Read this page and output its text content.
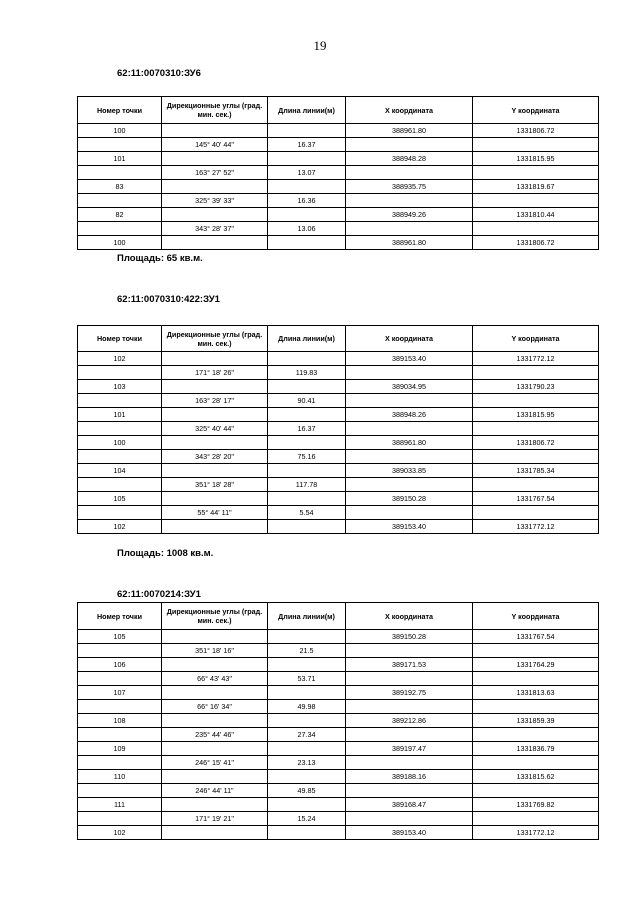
19
62:11:0070310:ЗУ6
Номер точки	Дирекционные углы (град. мин. сек.)	Длина линии(м)	X координата	Y координата
100			388961.80	1331806.72
	145° 40' 44"	16.37		
101			388948.28	1331815.95
	163° 27' 52"	13.07		
83			388935.75	1331819.67
	325° 39' 33"	16.36		
82			388949.26	1331810.44
	343° 28' 37"	13.06		
100			388961.80	1331806.72
Площадь: 65 кв.м.
62:11:0070310:422:ЗУ1
Номер точки	Дирекционные углы (град. мин. сек.)	Длина линии(м)	X координата	Y координата
102			389153.40	1331772.12
	171° 18' 26"	119.83		
103			389034.95	1331790.23
	163° 28' 17"	90.41		
101			388948.26	1331815.95
	325° 40' 44"	16.37		
100			388961.80	1331806.72
	343° 28' 20"	75.16		
104			389033.85	1331785.34
	351° 18' 28"	117.78		
105			389150.28	1331767.54
	55° 44' 11"	5.54		
102			389153.40	1331772.12
Площадь: 1008 кв.м.
62:11:0070214:ЗУ1
Номер точки	Дирекционные углы (град. мин. сек.)	Длина линии(м)	X координата	Y координата
105			389150.28	1331767.54
	351° 18' 16"	21.5		
106			389171.53	1331764.29
	66° 43' 43"	53.71		
107			389192.75	1331813.63
	66° 16' 34"	49.98		
108			389212.86	1331859.39
	235° 44' 46"	27.34		
109			389197.47	1331836.79
	246° 15' 41"	23.13		
110			389188.16	1331815.62
	246° 44' 11"	49.85		
111			389168.47	1331769.82
	171° 19' 21"	15.24		
102			389153.40	1331772.12
